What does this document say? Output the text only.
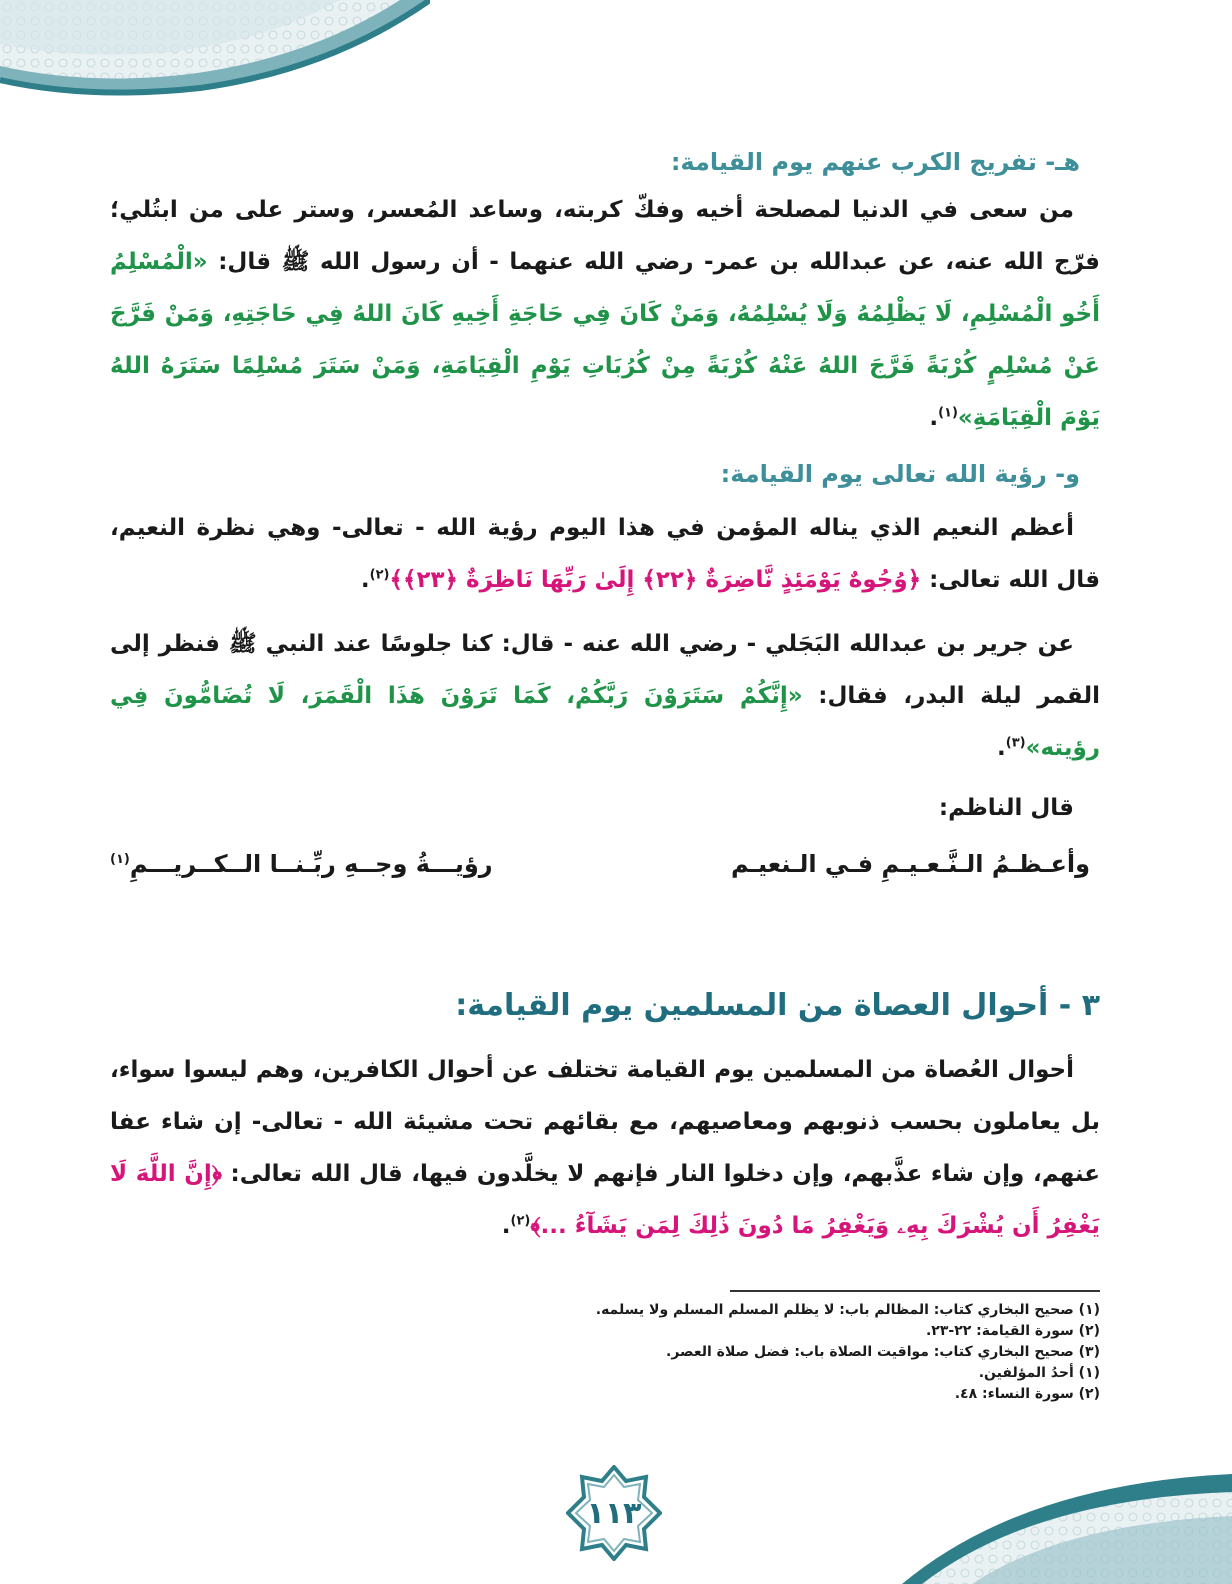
هـ- تفريج الكرب عنهم يوم القيامة:

من سعى في الدنيا لمصلحة أخيه وفكّ كربته، وساعد المُعسر، وستر على من ابتُلي؛ فرّج الله عنه، عن عبدالله بن عمر- رضي الله عنهما - أن رسول الله ﷺ قال: «الْمُسْلِمُ أَخُو الْمُسْلِمِ، لَا يَظْلِمُهُ وَلَا يُسْلِمُهُ، وَمَنْ كَانَ فِي حَاجَةِ أَخِيهِ كَانَ اللهُ فِي حَاجَتِهِ، وَمَنْ فَرَّجَ عَنْ مُسْلِمٍ كُرْبَةً فَرَّجَ اللهُ عَنْهُ كُرْبَةً مِنْ كُرُبَاتِ يَوْمِ الْقِيَامَةِ، وَمَنْ سَتَرَ مُسْلِمًا سَتَرَهُ اللهُ يَوْمَ الْقِيَامَةِ»$^{(١)}$.

و- رؤية الله تعالى يوم القيامة:

أعظم النعيم الذي يناله المؤمن في هذا اليوم رؤية الله - تعالى- وهي نظرة النعيم، قال الله تعالى: ﴿وُجُوهٌ يَوْمَئِذٍ نَّاضِرَةٌ ﴿٢٢﴾ إِلَىٰ رَبِّهَا نَاظِرَةٌ ﴿٢٣﴾﴾$^{(٢)}$.

عن جرير بن عبدالله البَجَلي - رضي الله عنه - قال: كنا جلوسًا عند النبي ﷺ فنظر إلى القمر ليلة البدر، فقال: «إِنَّكُمْ سَتَرَوْنَ رَبَّكُمْ، كَمَا تَرَوْنَ هَذَا الْقَمَرَ، لَا تُضَامُّونَ فِي رؤيته»$^{(٣)}$.

قال الناظم:

وأعـظـمُ الـنَّـعـيـمِ فـي الـنعيـم
رؤيـــةُ وجــهِ ربِّـنــا الــكــريـــمِ$^{(١)}$
٣ - أحوال العصاة من المسلمين يوم القيامة:

أحوال العُصاة من المسلمين يوم القيامة تختلف عن أحوال الكافرين، وهم ليسوا سواء، بل يعاملون بحسب ذنوبهم ومعاصيهم، مع بقائهم تحت مشيئة الله - تعالى- إن شاء عفا عنهم، وإن شاء عذَّبهم، وإن دخلوا النار فإنهم لا يخلَّدون فيها، قال الله تعالى: ﴿إِنَّ اللَّهَ لَا يَغْفِرُ أَن يُشْرَكَ بِهِۦ وَيَغْفِرُ مَا دُونَ ذَٰلِكَ لِمَن يَشَآءُ ...﴾$^{(٢)}$.

(١) صحيح البخاري كتاب: المظالم باب: لا يظلم المسلم المسلم ولا يسلمه.

(٢) سورة القيامة: ٢٢-٢٣.

(٣) صحيح البخاري كتاب: مواقيت الصلاة باب: فضل صلاة العصر.

(١) أحدُ المؤلفين.

(٢) سورة النساء: ٤٨.

١١٣
